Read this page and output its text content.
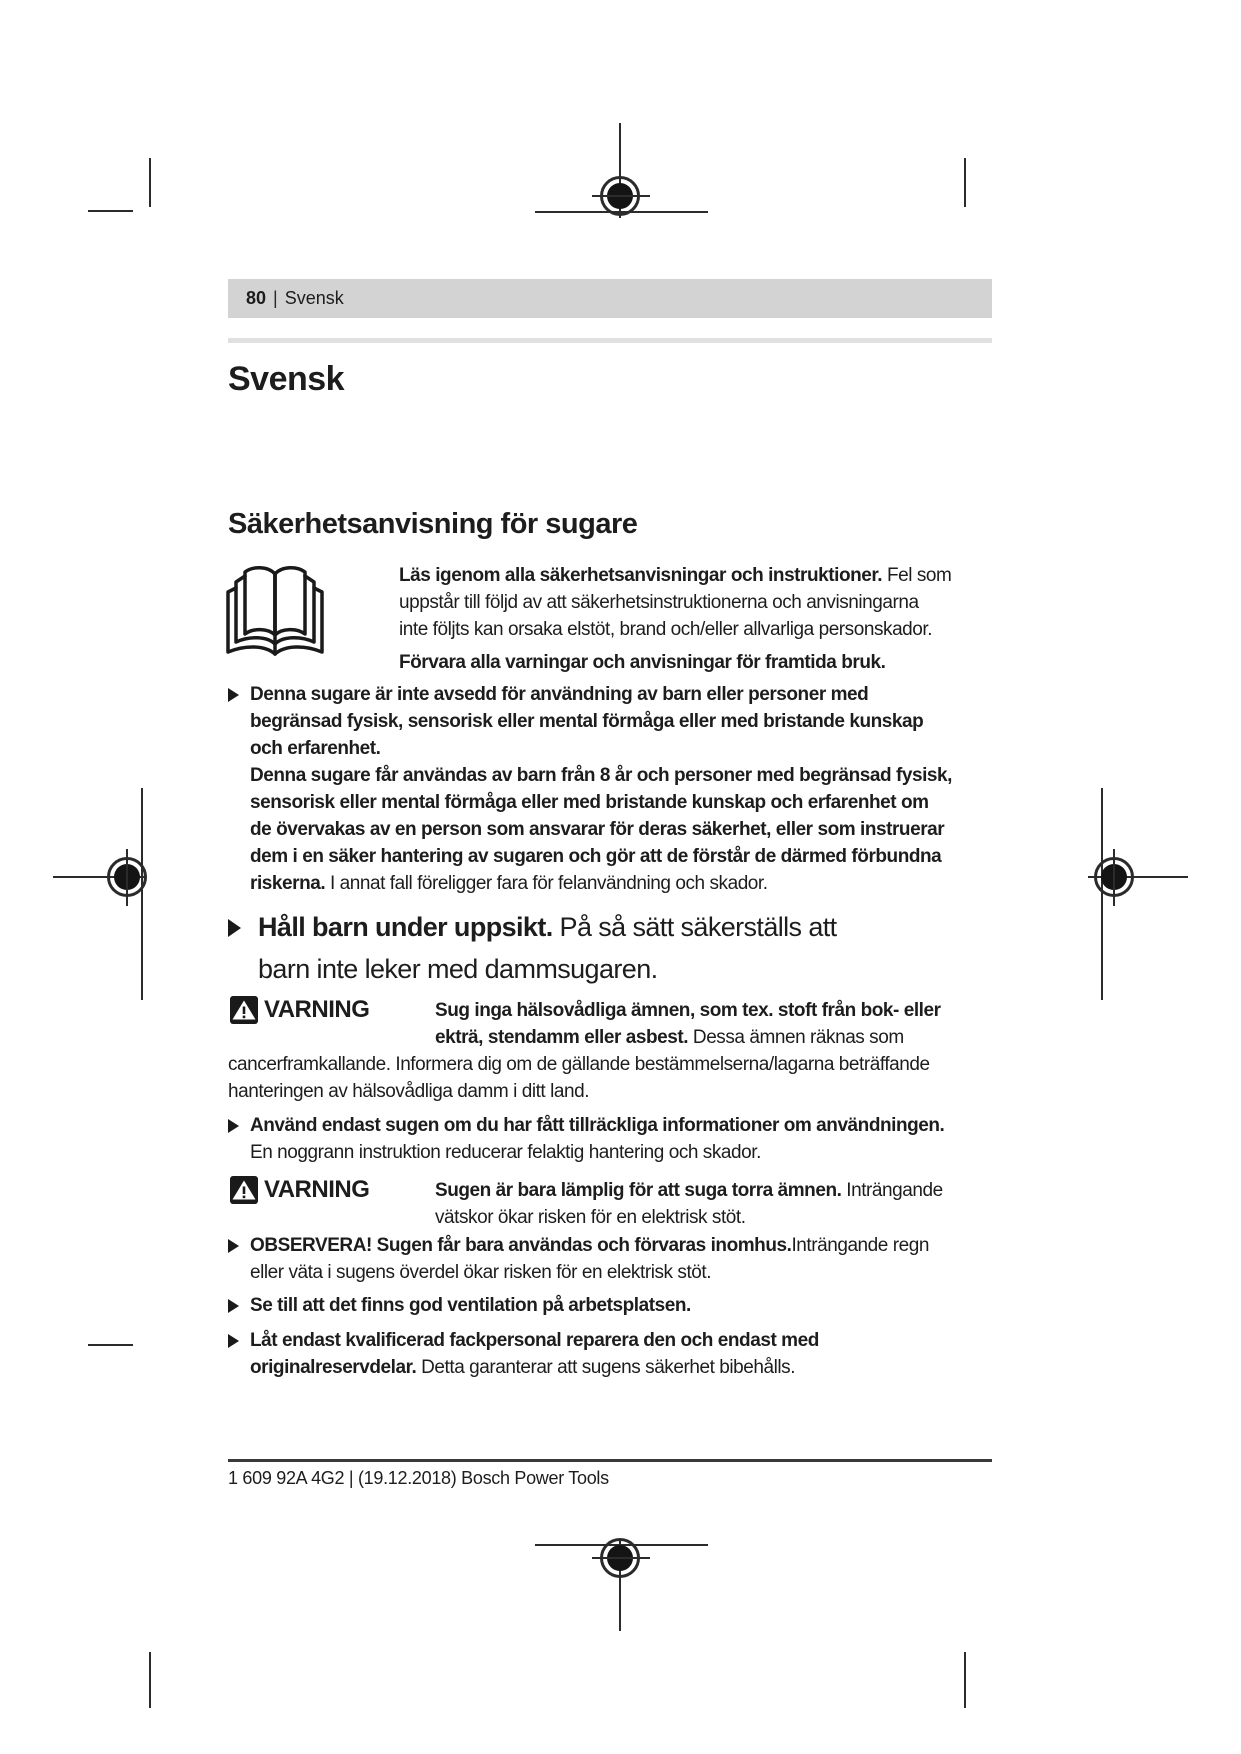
80 | Svensk
Svensk
Säkerhetsanvisning för sugare
Läs igenom alla säkerhetsanvisningar och instruktioner. Fel som
uppstår till följd av att säkerhetsinstruktionerna och anvisningarna
inte följts kan orsaka elstöt, brand och/eller allvarliga personskador.
Förvara alla varningar och anvisningar för framtida bruk.
Denna sugare är inte avsedd för användning av barn eller personer med
begränsad fysisk, sensorisk eller mental förmåga eller med bristande kunskap
och erfarenhet.
Denna sugare får användas av barn från 8 år och personer med begränsad fysisk,
sensorisk eller mental förmåga eller med bristande kunskap och erfarenhet om
de övervakas av en person som ansvarar för deras säkerhet, eller som instruerar
dem i en säker hantering av sugaren och gör att de förstår de därmed förbundna
riskerna. I annat fall föreligger fara för felanvändning och skador.
Håll barn under uppsikt. På så sätt säkerställs att
barn inte leker med dammsugaren.
VARNING	Sug inga hälsovådliga ämnen, som tex. stoft från bok- eller
ekträ, stendamm eller asbest. Dessa ämnen räknas som
cancerframkallande. Informera dig om de gällande bestämmelserna/lagarna beträffande
hanteringen av hälsovådliga damm i ditt land.
Använd endast sugen om du har fått tillräckliga informationer om användningen.
En noggrann instruktion reducerar felaktig hantering och skador.
VARNING	Sugen är bara lämplig för att suga torra ämnen. Inträngande
vätskor ökar risken för en elektrisk stöt.
OBSERVERA! Sugen får bara användas och förvaras inomhus.Inträngande regn
eller väta i sugens överdel ökar risken för en elektrisk stöt.
Se till att det finns god ventilation på arbetsplatsen.
Låt endast kvalificerad fackpersonal reparera den och endast med
originalreservdelar. Detta garanterar att sugens säkerhet bibehålls.
1 609 92A 4G2 | (19.12.2018) Bosch Power Tools
